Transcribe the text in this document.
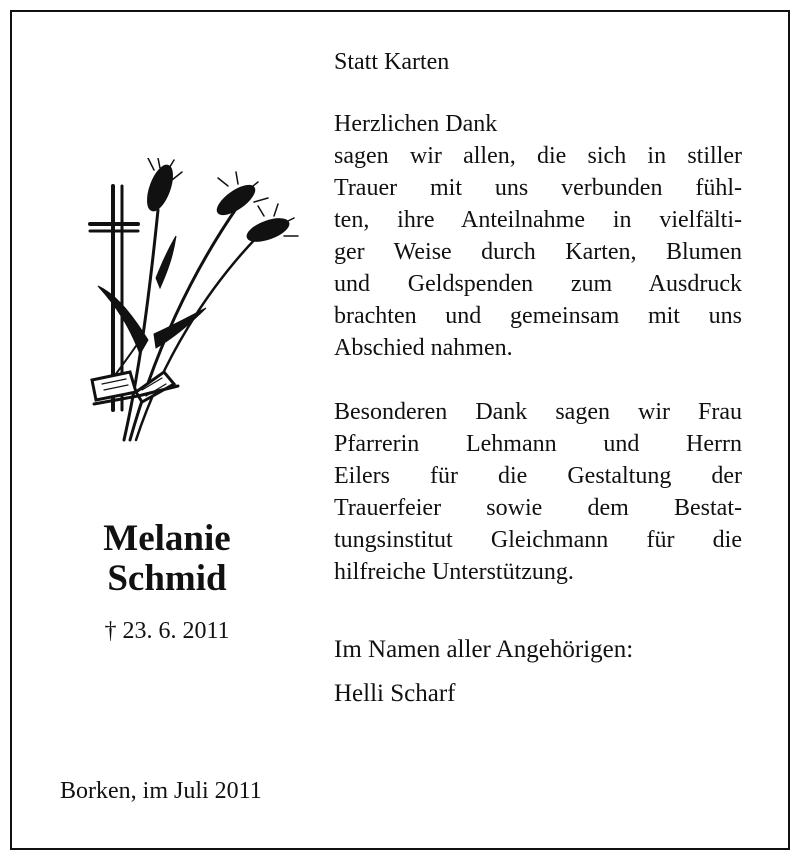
Melanie
Schmid
† 23. 6. 2011
Borken, im Juli 2011
Statt Karten
Herzlichen Dank
sagen wir allen, die sich in stiller
Trauer mit uns verbunden fühl-
ten, ihre Anteilnahme in vielfälti-
ger Weise durch Karten, Blumen
und Geldspenden zum Ausdruck
brachten und gemeinsam mit uns
Abschied nahmen.
Besonderen Dank sagen wir Frau
Pfarrerin Lehmann und Herrn
Eilers für die Gestaltung der
Trauerfeier sowie dem Bestat-
tungsinstitut Gleichmann für die
hilfreiche Unterstützung.
Im Namen aller Angehörigen:
Helli Scharf
